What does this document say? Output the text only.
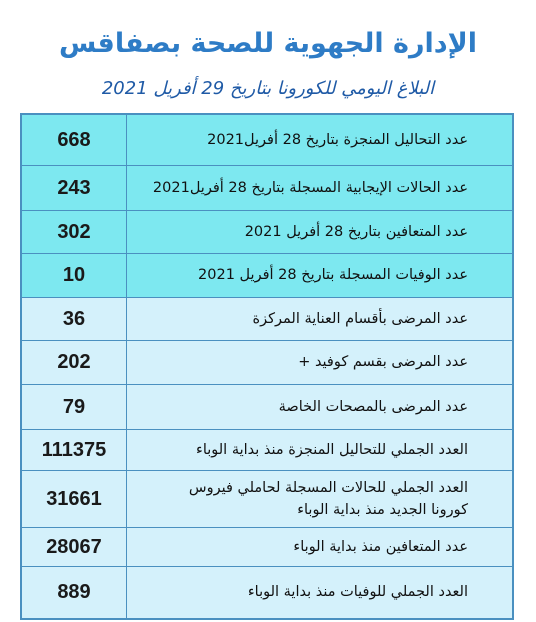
الإدارة الجهوية للصحة بصفاقس
البلاغ اليومي للكورونا بتاريخ 29 أفريل 2021
668	عدد التحاليل المنجزة بتاريخ 28 أفريل2021
243	عدد الحالات الإيجابية المسجلة بتاريخ 28 أفريل2021
302	عدد المتعافين بتاريخ 28 أفريل 2021
10	عدد الوفيات المسجلة بتاريخ 28 أفريل 2021
36	عدد المرضى بأقسام العناية المركزة
202	عدد المرضى بقسم كوفيد +
79	عدد المرضى بالمصحات الخاصة
111375	العدد الجملي للتحاليل المنجزة منذ بداية الوباء
31661	العدد الجملي للحالات المسجلة لحاملي فيروس
كورونا الجديد منذ بداية الوباء

28067	عدد المتعافين منذ بداية الوباء
889	العدد الجملي للوفيات منذ بداية الوباء
